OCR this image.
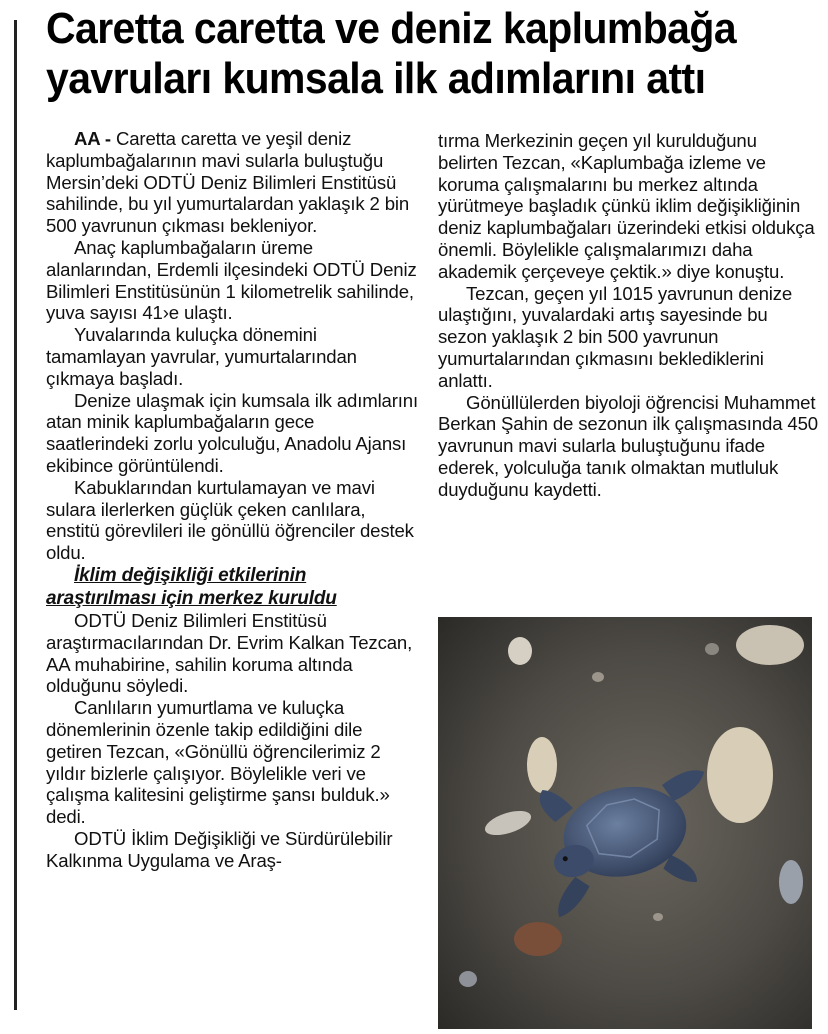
Caretta caretta ve deniz kaplumbağa
yavruları kumsala ilk adımlarını attı

AA - Caretta caretta ve yeşil deniz kaplumbağalarının mavi sularla buluştuğu Mersin’deki ODTÜ Deniz Bilimleri Enstitüsü sahilinde, bu yıl yumurtalardan yaklaşık 2 bin 500 yavrunun çıkması bekleniyor.

Anaç kaplumbağaların üreme alanlarından, Erdemli ilçesindeki ODTÜ Deniz Bilimleri Enstitüsünün 1 kilometrelik sahilinde, yuva sayısı 41›e ulaştı.

Yuvalarında kuluçka dönemini tamamlayan yavrular, yumurtalarından çıkmaya başladı.

Denize ulaşmak için kumsala ilk adımlarını atan minik kaplumbağaların gece saatlerindeki zorlu yolculuğu, Anadolu Ajansı ekibince görüntülendi.

Kabuklarından kurtulamayan ve mavi sulara ilerlerken güçlük çeken canlılara, enstitü görevlileri ile gönüllü öğrenciler destek oldu.

İklim değişikliği etkilerinin araştırılması için merkez kuruldu

ODTÜ Deniz Bilimleri Enstitüsü araştırmacılarından Dr. Evrim Kalkan Tezcan, AA muhabirine, sahilin koruma altında olduğunu söyledi.

Canlıların yumurtlama ve kuluçka dönemlerinin özenle takip edildiğini dile getiren Tezcan, «Gönüllü öğrencilerimiz 2 yıldır bizlerle çalışıyor. Böylelikle veri ve çalışma kalitesini geliştirme şansı bulduk.» dedi.

ODTÜ İklim Değişikliği ve Sürdürülebilir Kalkınma Uygulama ve Araş-

tırma Merkezinin geçen yıl kurulduğunu belirten Tezcan, «Kaplumbağa izleme ve koruma çalışmalarını bu merkez altında yürütmeye başladık çünkü iklim değişikliğinin deniz kaplumbağaları üzerindeki etkisi oldukça önemli. Böylelikle çalışmalarımızı daha akademik çerçeveye çektik.» diye konuştu.

Tezcan, geçen yıl 1015 yavrunun denize ulaştığını, yuvalardaki artış sayesinde bu sezon yaklaşık 2 bin 500 yavrunun yumurtalarından çıkmasını beklediklerini anlattı.

Gönüllülerden biyoloji öğrencisi Muhammet Berkan Şahin de sezonun ilk çalışmasında 450 yavrunun mavi sularla buluştuğunu ifade ederek, yolculuğa tanık olmaktan mutluluk duyduğunu kaydetti.
